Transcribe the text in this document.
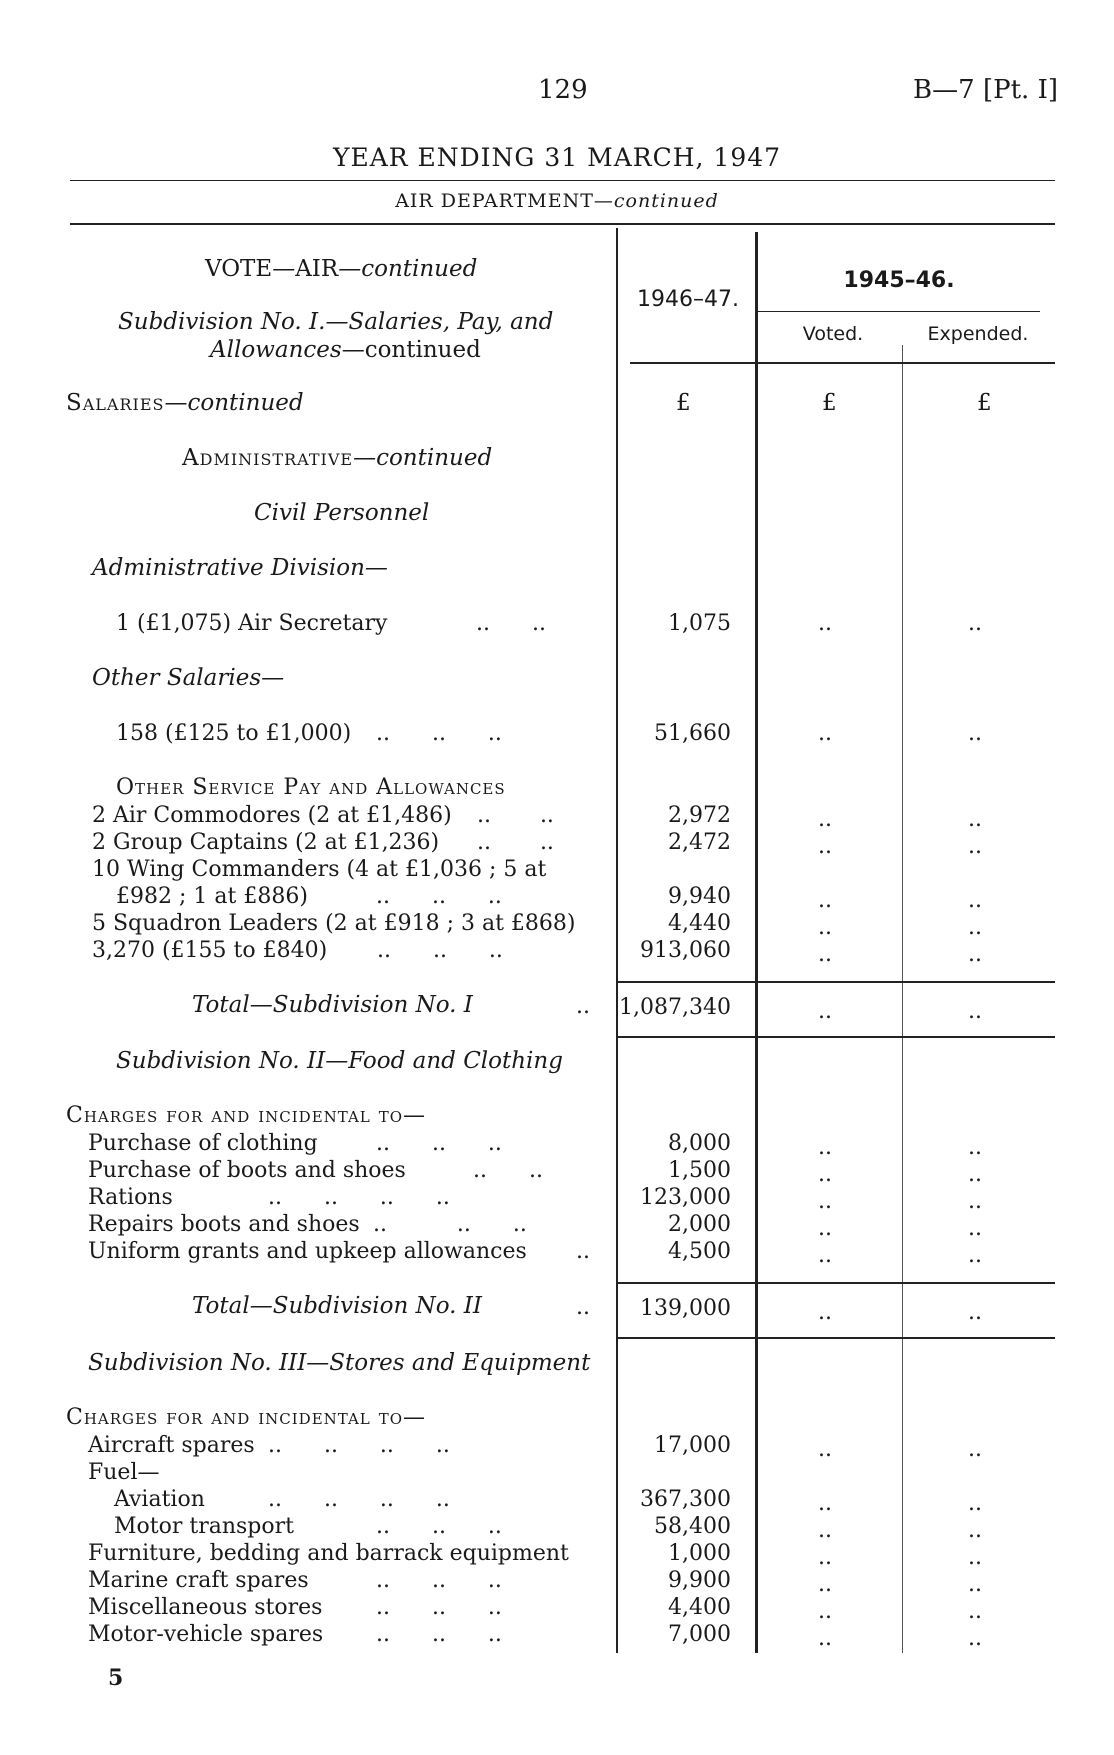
129	B—7 [Pt. I]
YEAR ENDING 31 MARCH, 1947
AIR DEPARTMENT—continued
VOTE—AIR—continued
Subdivision No. I.—Salaries, Pay, and
Allowances—continued
1946–47.
1945–46.
Voted.	Expended.
£	£	£
Salaries—continued
Administrative—continued
Civil Personnel
Administrative Division—
1 (£1,075) Air Secretary	..      ..	1,075	..	..
Other Salaries—
158 (£125 to £1,000) ..      ..      ..	51,660	..	..
Other Service Pay and Allowances
2 Air Commodores (2 at £1,486) ..       ..	2,972	..	..
2 Group Captains (2 at £1,236) ..       ..	2,472	..	..
10 Wing Commanders (4 at £1,036 ; 5 at
£982 ; 1 at £886)	..      ..      ..	9,940	..	..
5 Squadron Leaders (2 at £918 ; 3 at £868)	4,440	..	..
3,270 (£155 to £840) ..      ..      ..	913,060	..	..
Total—Subdivision No. I	..	1,087,340	..	..
Subdivision No. II—Food and Clothing
Charges for and incidental to—
Purchase of clothing	..      ..      ..	8,000	..	..
Purchase of boots and shoes	..      ..	1,500	..	..
Rations	..      ..      ..      ..	123,000	..	..
Repairs boots and shoes ..          ..      ..	2,000	..	..
Uniform grants and upkeep allowances ..	4,500	..	..
Total—Subdivision No. II	..	139,000	..	..
Subdivision No. III—Stores and Equipment
Charges for and incidental to—
Aircraft spares ..      ..      ..      ..	17,000	..	..
Fuel—
Aviation	..      ..      ..      ..	367,300	..	..
Motor transport	..      ..      ..	58,400	..	..
Furniture, bedding and barrack equipment	1,000	..	..
Marine craft spares	..      ..      ..	9,900	..	..
Miscellaneous stores ..      ..      ..	4,400	..	..
Motor-vehicle spares ..      ..      ..	7,000	..	..
5
